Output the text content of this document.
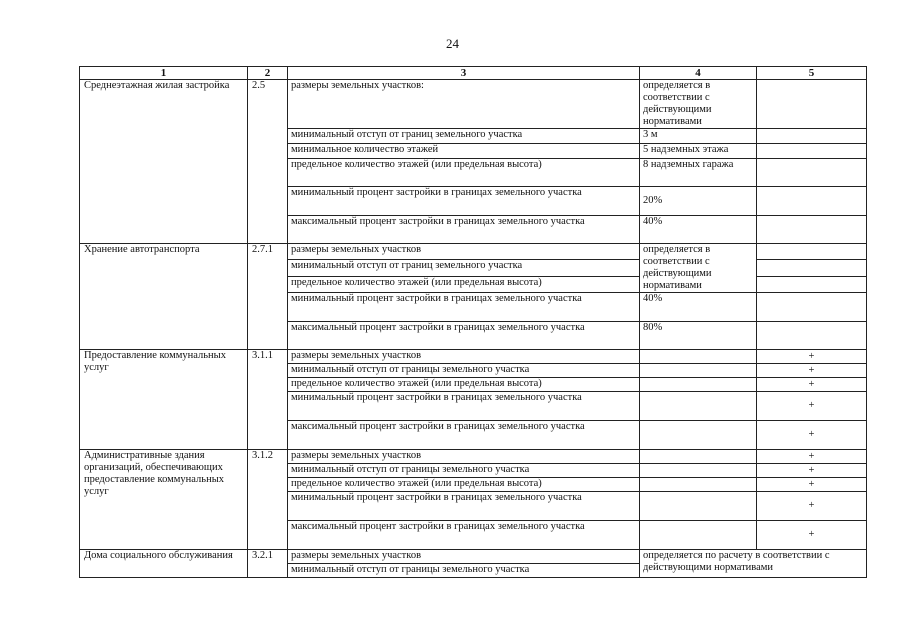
24
1	2	3	4	5
Среднеэтажная жилая застройка	2.5	размеры земельных участков:	определяется в соответствии с действующими нормативами	
		минимальный отступ от границ земельного участка	3 м	
		минимальное количество этажей	5 надземных этажа	
		предельное количество этажей (или предельная высота)	8 надземных гаража	
		минимальный процент застройки в границах земельного участка	20%	
		максимальный процент застройки в границах земельного участка	40%	
Хранение автотранспорта	2.7.1	размеры земельных участков	определяется в соответствии с действующими нормативами	
		минимальный отступ от границ земельного участка		
		предельное количество этажей (или предельная высота)		
		минимальный процент застройки в границах земельного участка	40%	
		максимальный процент застройки в границах земельного участка	80%	
Предоставление коммунальных услуг	3.1.1	размеры земельных участков		+
		минимальный отступ от границы земельного участка		+
		предельное количество этажей (или предельная высота)		+
		минимальный процент застройки в границах земельного участка		+
		максимальный процент застройки в границах земельного участка		+
Административные здания организаций, обеспечивающих предоставление коммунальных услуг	3.1.2	размеры земельных участков		+
		минимальный отступ от границы земельного участка		+
		предельное количество этажей (или предельная высота)		+
		минимальный процент застройки в границах земельного участка		+
		максимальный процент застройки в границах земельного участка		+
Дома социального обслуживания	3.2.1	размеры земельных участков	определяется по расчету в соответствии с действующими нормативами	
		минимальный отступ от границы земельного участка		
